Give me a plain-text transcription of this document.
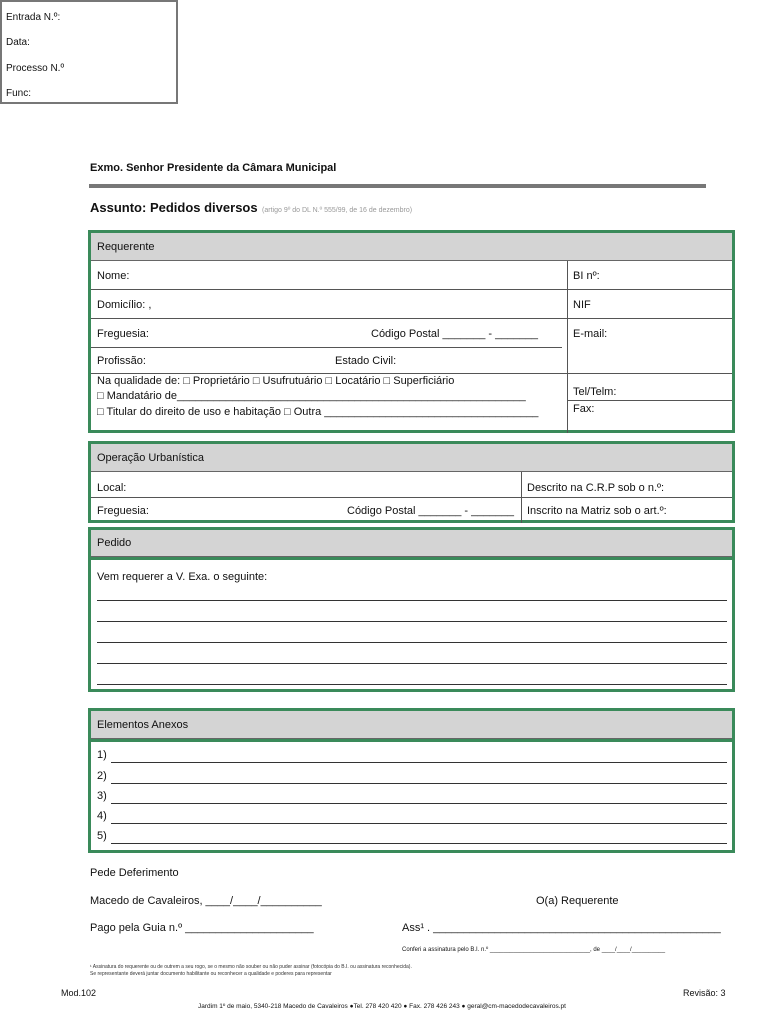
Entrada N.º:
Data:
Processo N.º
Func:
Exmo. Senhor Presidente da Câmara Municipal
Assunto: Pedidos diversos (artigo 9º do DL N.º 555/99, de 16 de dezembro)
Requerente
Nome:	BI nº:
Domicílio: ,	NIF
Freguesia:	Código Postal _______ - _______	E-mail:
Profissão:	Estado Civil:
Na qualidade de: □ Proprietário □ Usufrutuário □ Locatário □ Superficiário
□ Mandatário de_________________________________________________________
□ Titular do direito de uso e habitação □ Outra ___________________________________
Tel/Telm:
Fax:
Operação Urbanística
Local:	Descrito na C.R.P sob o n.º:
Freguesia:	Código Postal _______ - _______ Inscrito na Matriz sob o art.º:
Pedido
Vem requerer a V. Exa. o seguinte:
Elementos Anexos
1)
2)
3)
4)
5)
Pede Deferimento
Macedo de Cavaleiros, ____/____/__________	O(a) Requerente
Pago pela Guia n.º _____________________	Ass¹ . _______________________________________________
Conferi a assinatura pelo B.I. n.º ______________________________, de ____/____/__________
¹ Assinatura do requerente ou de outrem a seu rogo, se o mesmo não souber ou não puder assinar (fotocópia do B.I. ou assinatura reconhecida).
Se representante deverá juntar documento habilitante ou reconhecer a qualidade e poderes para representar
Mod.102	Revisão: 3
Jardim 1º de maio, 5340-218 Macedo de Cavaleiros ●Tel. 278 420 420 ● Fax. 278 426 243 ● geral@cm-macedodecavaleiros.pt
